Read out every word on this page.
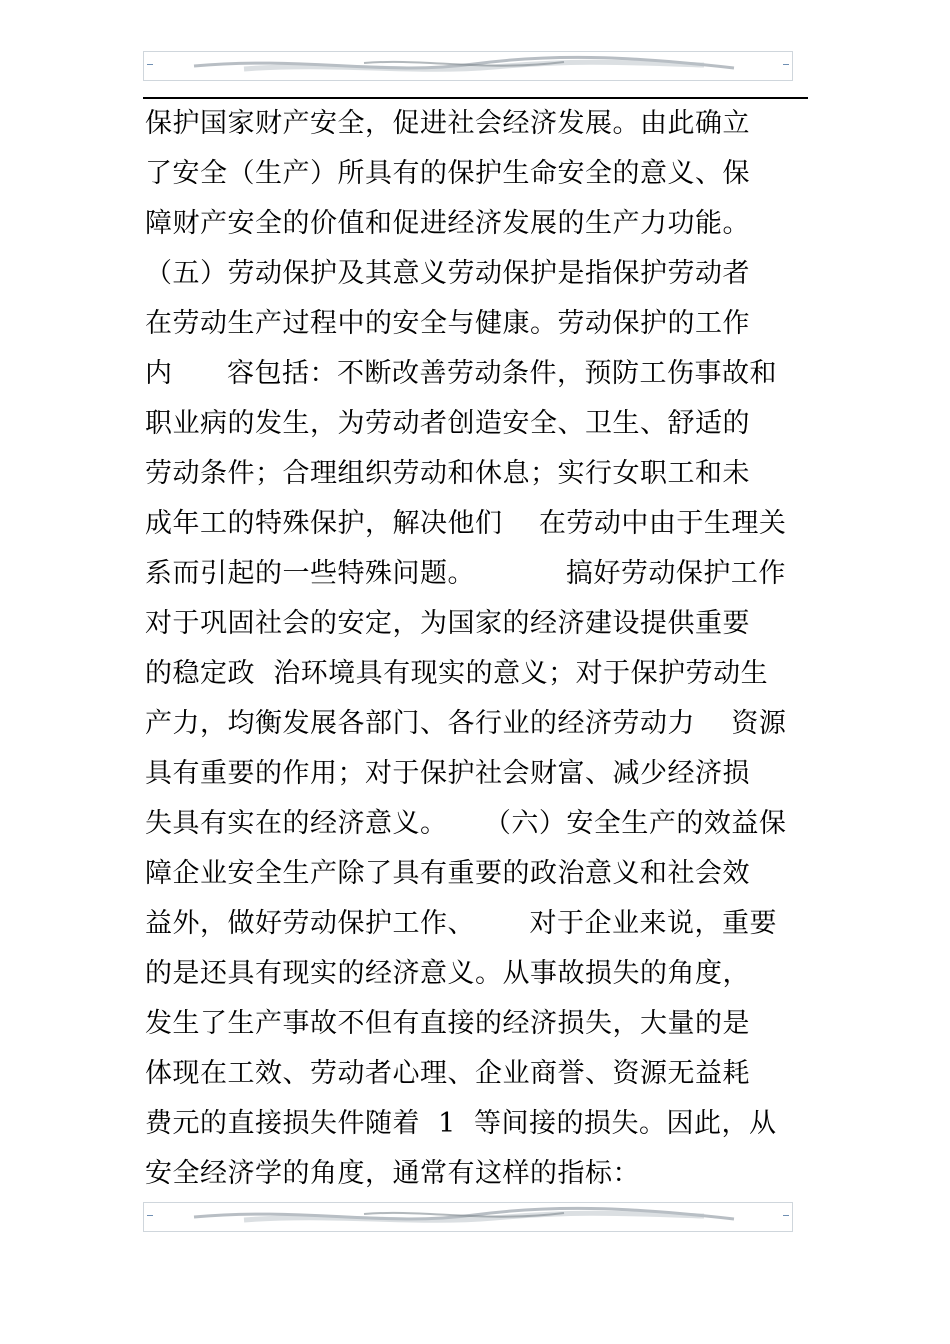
保护国家财产安全，促进社会经济发展。由此确立
了安全（生产）所具有的保护生命安全的意义、保
障财产安全的价值和促进经济发展的生产力功能。
（五）劳动保护及其意义劳动保护是指保护劳动者
在劳动生产过程中的安全与健康。劳动保护的工作
内      容包括：不断改善劳动条件，预防工伤事故和
职业病的发生，为劳动者创造安全、卫生、舒适的
劳动条件；合理组织劳动和休息；实行女职工和未
成年工的特殊保护，解决他们    在劳动中由于生理关
系而引起的一些特殊问题。          搞好劳动保护工作
对于巩固社会的安定，为国家的经济建设提供重要
的稳定政  治环境具有现实的意义；对于保护劳动生
产力，均衡发展各部门、各行业的经济劳动力    资源
具有重要的作用；对于保护社会财富、减少经济损
失具有实在的经济意义。    （六）安全生产的效益保
障企业安全生产除了具有重要的政治意义和社会效
益外，做好劳动保护工作、      对于企业来说，重要
的是还具有现实的经济意义。从事故损失的角度，
发生了生产事故不但有直接的经济损失，大量的是
体现在工效、劳动者心理、企业商誉、资源无益耗
费元的直接损失件随着  1  等间接的损失。因此，从
安全经济学的角度，通常有这样的指标：
